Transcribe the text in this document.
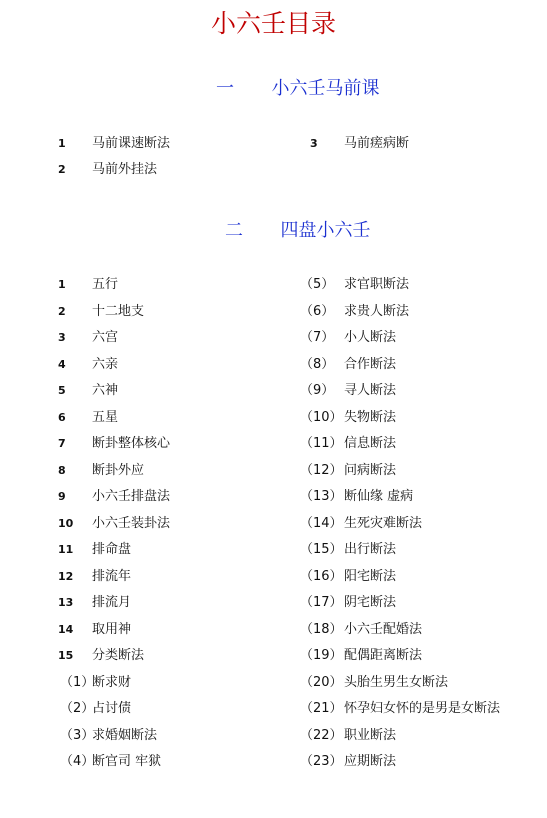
小六壬目录
一 小六壬马前课
1 马前课速断法
2 马前外挂法
3 马前瘥病断
二 四盘小六壬
1 五行
2 十二地支
3 六宫
4 六亲
5 六神
6 五星
7 断卦整体核心
8 断卦外应
9 小六壬排盘法
10 小六壬装卦法
11 排命盘
12 排流年
13 排流月
14 取用神
15 分类断法
（1）
断求财
（2）
占讨债
（3）
求婚姻断法
（4）
断官司 牢狱
（5） 求官职断法
（6） 求贵人断法
（7） 小人断法
（8） 合作断法
（9） 寻人断法
（10） 失物断法
（11） 信息断法
（12） 问病断法
（13） 断仙缘 虚病
（14） 生死灾难断法
（15） 出行断法
（16） 阳宅断法
（17） 阴宅断法
（18） 小六壬配婚法
（19） 配偶距离断法
（20） 头胎生男生女断法
（21） 怀孕妇女怀的是男是女断法
（22） 职业断法
（23） 应期断法
